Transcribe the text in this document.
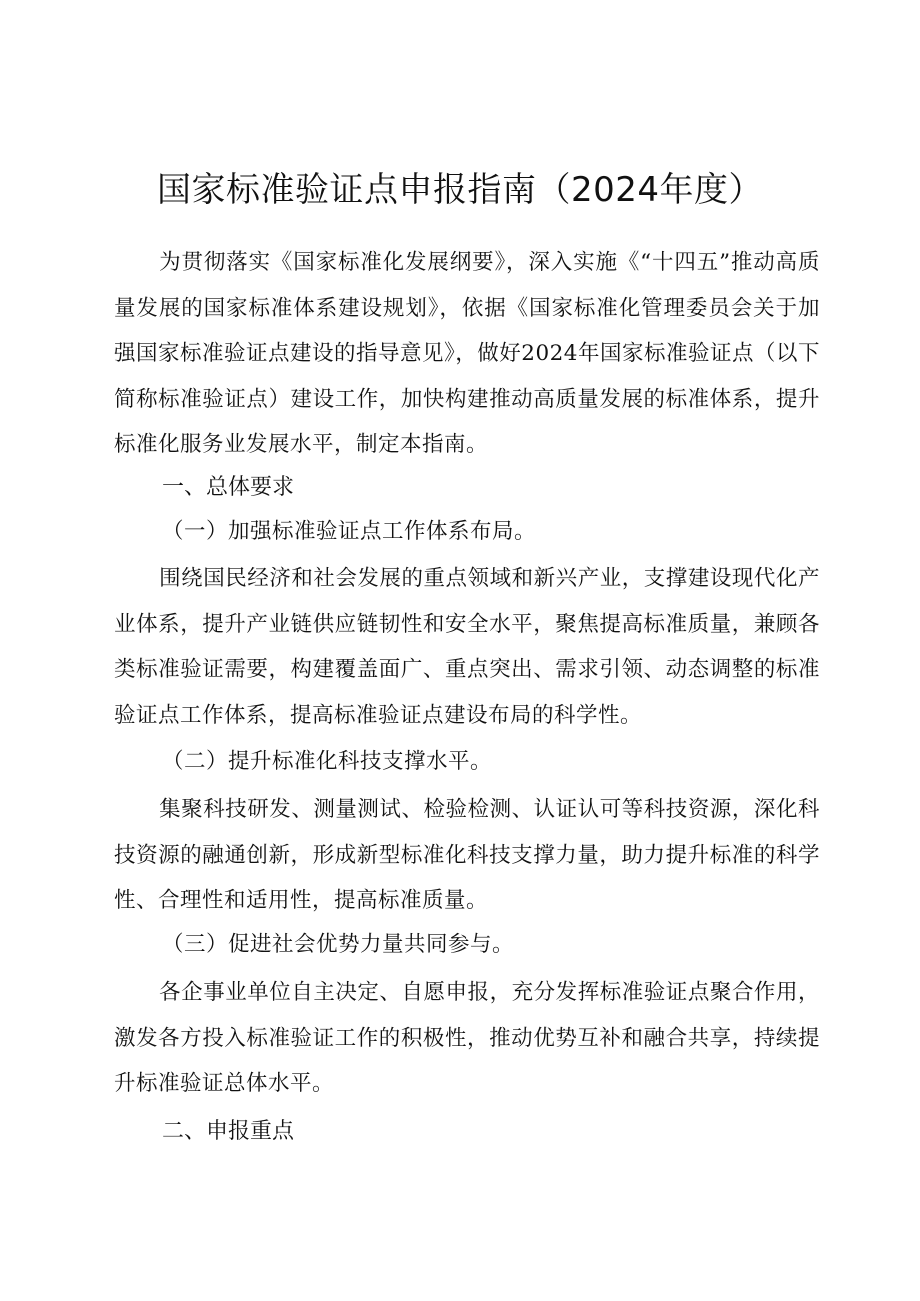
国家标准验证点申报指南（2024年度）
为贯彻落实《国家标准化发展纲要》，深入实施《“十四五”推动高质量发展的国家标准体系建设规划》，依据《国家标准化管理委员会关于加强国家标准验证点建设的指导意见》，做好2024年国家标准验证点（以下简称标准验证点）建设工作，加快构建推动高质量发展的标准体系，提升标准化服务业发展水平，制定本指南。
一、总体要求
（一）加强标准验证点工作体系布局。
围绕国民经济和社会发展的重点领域和新兴产业，支撑建设现代化产业体系，提升产业链供应链韧性和安全水平，聚焦提高标准质量，兼顾各类标准验证需要，构建覆盖面广、重点突出、需求引领、动态调整的标准验证点工作体系，提高标准验证点建设布局的科学性。
（二）提升标准化科技支撑水平。
集聚科技研发、测量测试、检验检测、认证认可等科技资源，深化科技资源的融通创新，形成新型标准化科技支撑力量，助力提升标准的科学性、合理性和适用性，提高标准质量。
（三）促进社会优势力量共同参与。
各企事业单位自主决定、自愿申报，充分发挥标准验证点聚合作用，激发各方投入标准验证工作的积极性，推动优势互补和融合共享，持续提升标准验证总体水平。
二、申报重点
